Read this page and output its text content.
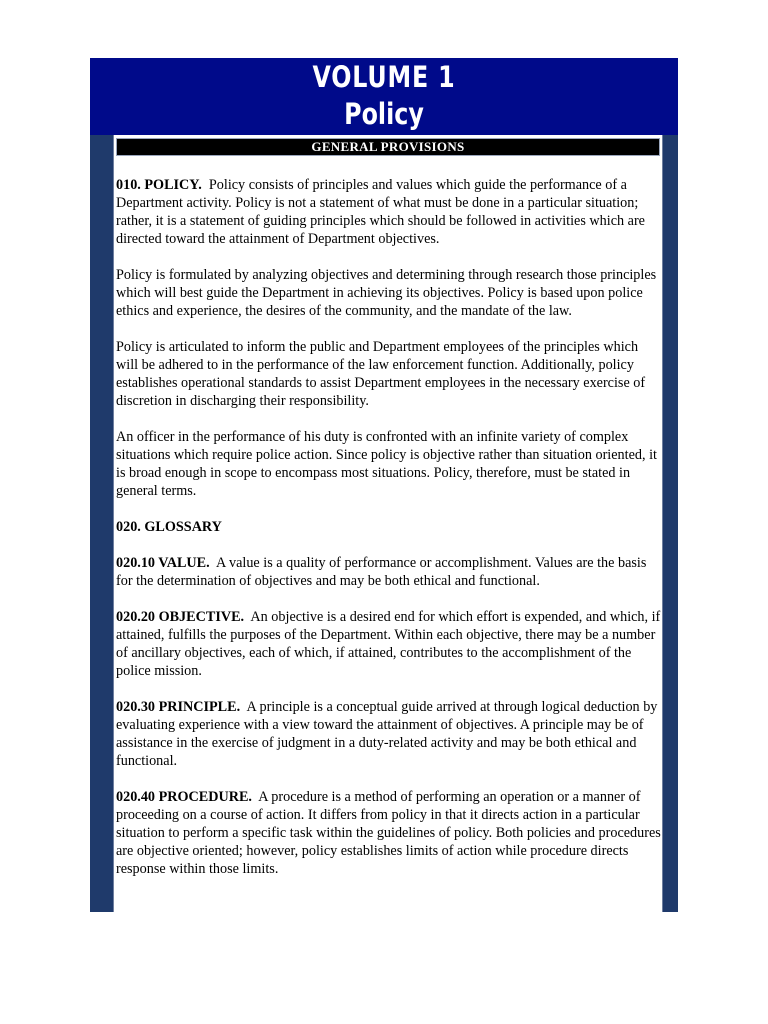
VOLUME 1
Policy
GENERAL PROVISIONS

010. POLICY. Policy consists of principles and values which guide the performance of a Department activity. Policy is not a statement of what must be done in a particular situation; rather, it is a statement of guiding principles which should be followed in activities which are directed toward the attainment of Department objectives.

Policy is formulated by analyzing objectives and determining through research those principles which will best guide the Department in achieving its objectives. Policy is based upon police ethics and experience, the desires of the community, and the mandate of the law.

Policy is articulated to inform the public and Department employees of the principles which will be adhered to in the performance of the law enforcement function. Additionally, policy establishes operational standards to assist Department employees in the necessary exercise of discretion in discharging their responsibility.

An officer in the performance of his duty is confronted with an infinite variety of complex situations which require police action. Since policy is objective rather than situation oriented, it is broad enough in scope to encompass most situations. Policy, therefore, must be stated in general terms.

020. GLOSSARY

020.10 VALUE. A value is a quality of performance or accomplishment. Values are the basis for the determination of objectives and may be both ethical and functional.

020.20 OBJECTIVE. An objective is a desired end for which effort is expended, and which, if attained, fulfills the purposes of the Department. Within each objective, there may be a number of ancillary objectives, each of which, if attained, contributes to the accomplishment of the police mission.

020.30 PRINCIPLE. A principle is a conceptual guide arrived at through logical deduction by evaluating experience with a view toward the attainment of objectives. A principle may be of assistance in the exercise of judgment in a duty-related activity and may be both ethical and functional.

020.40 PROCEDURE. A procedure is a method of performing an operation or a manner of proceeding on a course of action. It differs from policy in that it directs action in a particular situation to perform a specific task within the guidelines of policy. Both policies and procedures are objective oriented; however, policy establishes limits of action while procedure directs response within those limits.
